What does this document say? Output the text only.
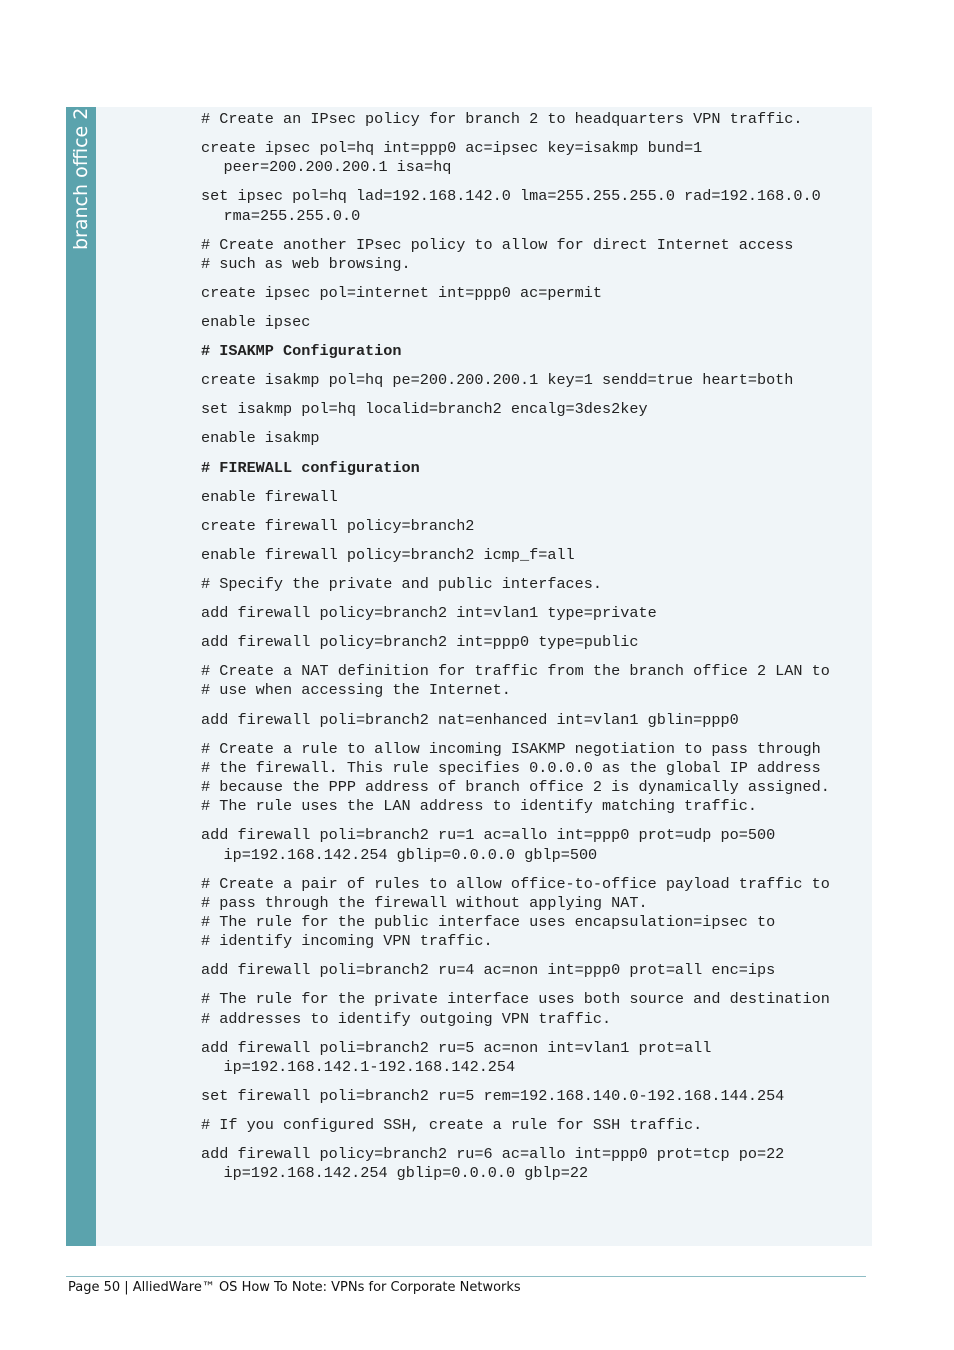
branch office 2	# Create an IPsec policy for branch 2 to headquarters VPN traffic.
create ipsec pol=hq int=ppp0 ac=ipsec key=isakmp bund=1
peer=200.200.200.1 isa=hq
set ipsec pol=hq lad=192.168.142.0 lma=255.255.255.0 rad=192.168.0.0
rma=255.255.0.0
# Create another IPsec policy to allow for direct Internet access
# such as web browsing.
create ipsec pol=internet int=ppp0 ac=permit
enable ipsec
# ISAKMP Configuration
create isakmp pol=hq pe=200.200.200.1 key=1 sendd=true heart=both
set isakmp pol=hq localid=branch2 encalg=3des2key
enable isakmp
# FIREWALL configuration
enable firewall
create firewall policy=branch2
enable firewall policy=branch2 icmp_f=all
# Specify the private and public interfaces.
add firewall policy=branch2 int=vlan1 type=private
add firewall policy=branch2 int=ppp0 type=public
# Create a NAT definition for traffic from the branch office 2 LAN to
# use when accessing the Internet.
add firewall poli=branch2 nat=enhanced int=vlan1 gblin=ppp0
# Create a rule to allow incoming ISAKMP negotiation to pass through
# the firewall. This rule specifies 0.0.0.0 as the global IP address
# because the PPP address of branch office 2 is dynamically assigned.
# The rule uses the LAN address to identify matching traffic.
add firewall poli=branch2 ru=1 ac=allo int=ppp0 prot=udp po=500
ip=192.168.142.254 gblip=0.0.0.0 gblp=500
# Create a pair of rules to allow office-to-office payload traffic to
# pass through the firewall without applying NAT.
# The rule for the public interface uses encapsulation=ipsec to
# identify incoming VPN traffic.
add firewall poli=branch2 ru=4 ac=non int=ppp0 prot=all enc=ips
# The rule for the private interface uses both source and destination
# addresses to identify outgoing VPN traffic.
add firewall poli=branch2 ru=5 ac=non int=vlan1 prot=all
ip=192.168.142.1-192.168.142.254
set firewall poli=branch2 ru=5 rem=192.168.140.0-192.168.144.254
# If you configured SSH, create a rule for SSH traffic.
add firewall policy=branch2 ru=6 ac=allo int=ppp0 prot=tcp po=22
ip=192.168.142.254 gblip=0.0.0.0 gblp=22
Page 50 | AlliedWare™ OS How To Note: VPNs for Corporate Networks
